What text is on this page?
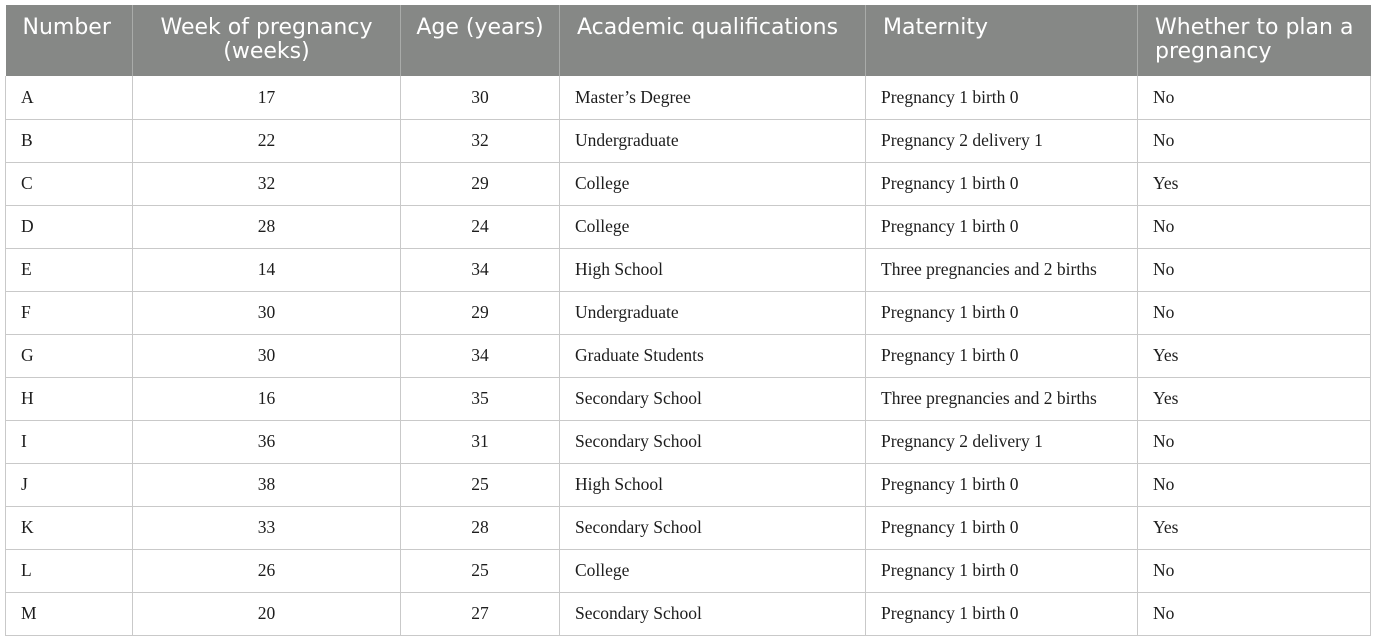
Number	Week of pregnancy (weeks)	Age (years)	Academic qualifications	Maternity	Whether to plan a pregnancy
A	17	30	Master’s Degree	Pregnancy 1 birth 0	No
B	22	32	Undergraduate	Pregnancy 2 delivery 1	No
C	32	29	College	Pregnancy 1 birth 0	Yes
D	28	24	College	Pregnancy 1 birth 0	No
E	14	34	High School	Three pregnancies and 2 births	No
F	30	29	Undergraduate	Pregnancy 1 birth 0	No
G	30	34	Graduate Students	Pregnancy 1 birth 0	Yes
H	16	35	Secondary School	Three pregnancies and 2 births	Yes
I	36	31	Secondary School	Pregnancy 2 delivery 1	No
J	38	25	High School	Pregnancy 1 birth 0	No
K	33	28	Secondary School	Pregnancy 1 birth 0	Yes
L	26	25	College	Pregnancy 1 birth 0	No
M	20	27	Secondary School	Pregnancy 1 birth 0	No
